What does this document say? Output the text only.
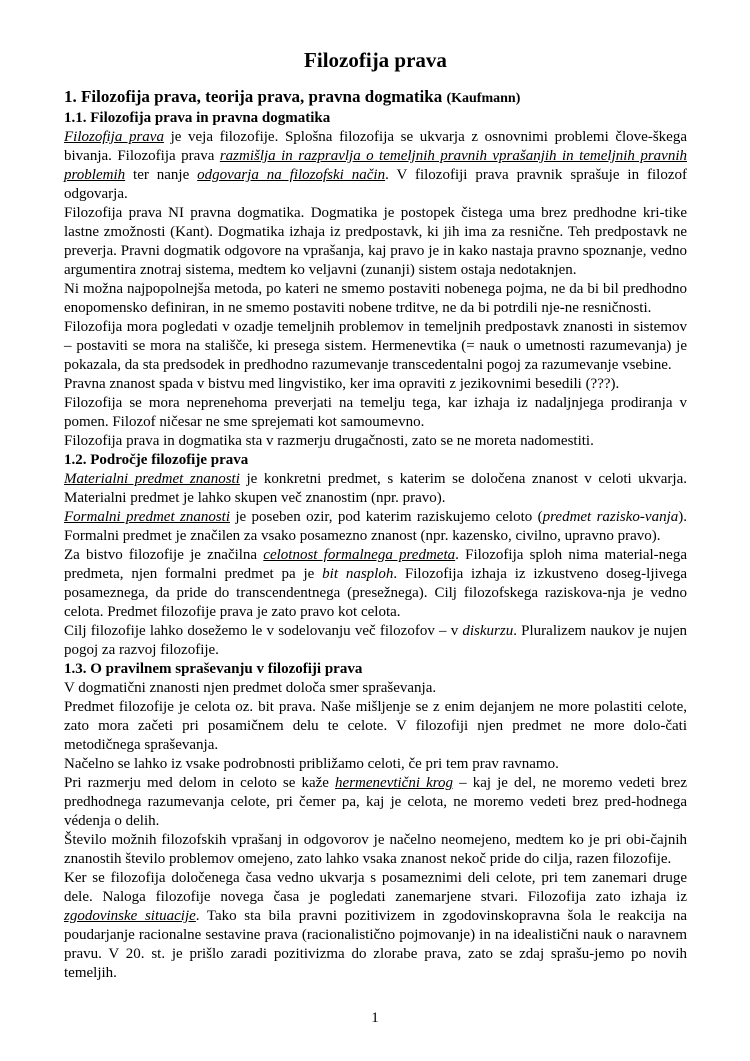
Filozofija prava
1. Filozofija prava, teorija prava, pravna dogmatika (Kaufmann)
1.1. Filozofija prava in pravna dogmatika

Filozofija prava je veja filozofije. Splošna filozofija se ukvarja z osnovnimi problemi člove-škega bivanja. Filozofija prava razmišlja in razpravlja o temeljnih pravnih vprašanjih in temeljnih pravnih problemih ter nanje odgovarja na filozofski način. V filozofiji prava pravnik sprašuje in filozof odgovarja.

Filozofija prava NI pravna dogmatika. Dogmatika je postopek čistega uma brez predhodne kri-tike lastne zmožnosti (Kant). Dogmatika izhaja iz predpostavk, ki jih ima za resnične. Teh predpostavk ne preverja. Pravni dogmatik odgovore na vprašanja, kaj pravo je in kako nastaja pravno spoznanje, vedno argumentira znotraj sistema, medtem ko veljavni (zunanji) sistem ostaja nedotaknjen.

Ni možna najpopolnejša metoda, po kateri ne smemo postaviti nobenega pojma, ne da bi bil predhodno enopomensko definiran, in ne smemo postaviti nobene trditve, ne da bi potrdili nje-ne resničnosti.

Filozofija mora pogledati v ozadje temeljnih problemov in temeljnih predpostavk znanosti in sistemov – postaviti se mora na stališče, ki presega sistem. Hermenevtika (= nauk o umetnosti razumevanja) je pokazala, da sta predsodek in predhodno razumevanje transcedentalni pogoj za razumevanje vsebine.

Pravna znanost spada v bistvu med lingvistiko, ker ima opraviti z jezikovnimi besedili (???).

Filozofija se mora neprenehoma preverjati na temelju tega, kar izhaja iz nadaljnjega prodiranja v pomen. Filozof ničesar ne sme sprejemati kot samoumevno.

Filozofija prava in dogmatika sta v razmerju drugačnosti, zato se ne moreta nadomestiti.

1.2. Področje filozofije prava

Materialni predmet znanosti je konkretni predmet, s katerim se določena znanost v celoti ukvarja. Materialni predmet je lahko skupen več znanostim (npr. pravo).

Formalni predmet znanosti je poseben ozir, pod katerim raziskujemo celoto (predmet razisko-vanja). Formalni predmet je značilen za vsako posamezno znanost (npr. kazensko, civilno, upravno pravo).

Za bistvo filozofije je značilna celotnost formalnega predmeta. Filozofija sploh nima material-nega predmeta, njen formalni predmet pa je bit nasploh. Filozofija izhaja iz izkustveno doseg-ljivega posameznega, da pride do transcendentnega (presežnega). Cilj filozofskega raziskova-nja je vedno celota. Predmet filozofije prava je zato pravo kot celota.

Cilj filozofije lahko dosežemo le v sodelovanju več filozofov – v diskurzu. Pluralizem naukov je nujen pogoj za razvoj filozofije.

1.3. O pravilnem spraševanju v filozofiji prava

V dogmatični znanosti njen predmet določa smer spraševanja.

Predmet filozofije je celota oz. bit prava. Naše mišljenje se z enim dejanjem ne more polastiti celote, zato mora začeti pri posamičnem delu te celote. V filozofiji njen predmet ne more dolo-čati metodičnega spraševanja.

Načelno se lahko iz vsake podrobnosti približamo celoti, če pri tem prav ravnamo.

Pri razmerju med delom in celoto se kaže hermenevtični krog – kaj je del, ne moremo vedeti brez predhodnega razumevanja celote, pri čemer pa, kaj je celota, ne moremo vedeti brez pred-hodnega védenja o delih.

Število možnih filozofskih vprašanj in odgovorov je načelno neomejeno, medtem ko je pri obi-čajnih znanostih število problemov omejeno, zato lahko vsaka znanost nekoč pride do cilja, razen filozofije.

Ker se filozofija določenega časa vedno ukvarja s posameznimi deli celote, pri tem zanemari druge dele. Naloga filozofije novega časa je pogledati zanemarjene stvari. Filozofija zato izhaja iz zgodovinske situacije. Tako sta bila pravni pozitivizem in zgodovinskopravna šola le reakcija na poudarjanje racionalne sestavine prava (racionalistično pojmovanje) in na idealistični nauk o naravnem pravu. V 20. st. je prišlo zaradi pozitivizma do zlorabe prava, zato se zdaj sprašu-jemo po novih temeljih.

1
